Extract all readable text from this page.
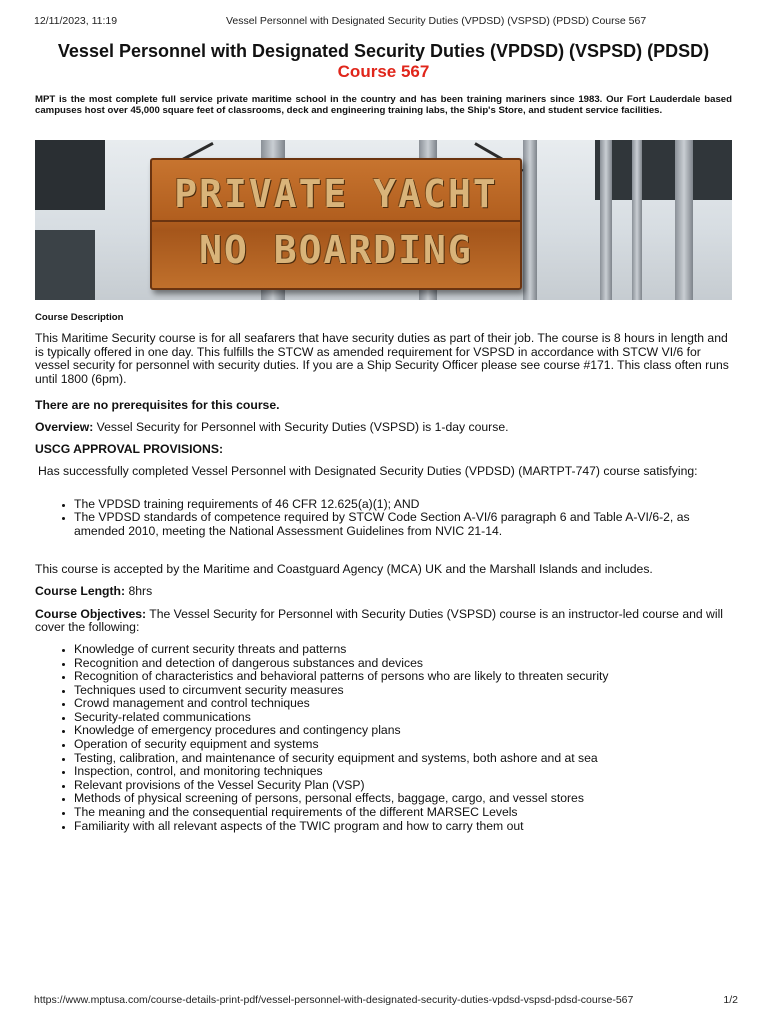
12/11/2023, 11:19	Vessel Personnel with Designated Security Duties (VPDSD) (VSPSD) (PDSD) Course 567
Vessel Personnel with Designated Security Duties (VPDSD) (VSPSD) (PDSD)
Course 567
MPT is the most complete full service private maritime school in the country and has been training mariners since 1983. Our Fort Lauderdale based campuses host over 45,000 square feet of classrooms, deck and engineering training labs, the Ship's Store, and student service facilities.
PRIVATE YACHT
NO BOARDING
Course Description

This Maritime Security course is for all seafarers that have security duties as part of their job. The course is 8 hours in length and is typically offered in one day. This fulfills the STCW as amended requirement for VSPSD in accordance with STCW VI/6 for vessel security for personnel with security duties. If you are a Ship Security Officer please see course #171. This class often runs until 1800 (6pm).

There are no prerequisites for this course.

Overview: Vessel Security for Personnel with Security Duties (VSPSD) is 1-day course.

USCG APPROVAL PROVISIONS:

Has successfully completed Vessel Personnel with Designated Security Duties (VPDSD) (MARTPT-747) course satisfying:

• The VPDSD training requirements of 46 CFR 12.625(a)(1); AND
• The VPDSD standards of competence required by STCW Code Section A-VI/6 paragraph 6 and Table A-VI/6-2, as amended 2010, meeting the National Assessment Guidelines from NVIC 21-14.

This course is accepted by the Maritime and Coastguard Agency (MCA) UK and the Marshall Islands and includes.

Course Length: 8hrs

Course Objectives: The Vessel Security for Personnel with Security Duties (VSPSD) course is an instructor-led course and will cover the following:

• Knowledge of current security threats and patterns
• Recognition and detection of dangerous substances and devices
• Recognition of characteristics and behavioral patterns of persons who are likely to threaten security
• Techniques used to circumvent security measures
• Crowd management and control techniques
• Security-related communications
• Knowledge of emergency procedures and contingency plans
• Operation of security equipment and systems
• Testing, calibration, and maintenance of security equipment and systems, both ashore and at sea
• Inspection, control, and monitoring techniques
• Relevant provisions of the Vessel Security Plan (VSP)
• Methods of physical screening of persons, personal effects, baggage, cargo, and vessel stores
• The meaning and the consequential requirements of the different MARSEC Levels
• Familiarity with all relevant aspects of the TWIC program and how to carry them out
https://www.mptusa.com/course-details-print-pdf/vessel-personnel-with-designated-security-duties-vpdsd-vspsd-pdsd-course-567	1/2
